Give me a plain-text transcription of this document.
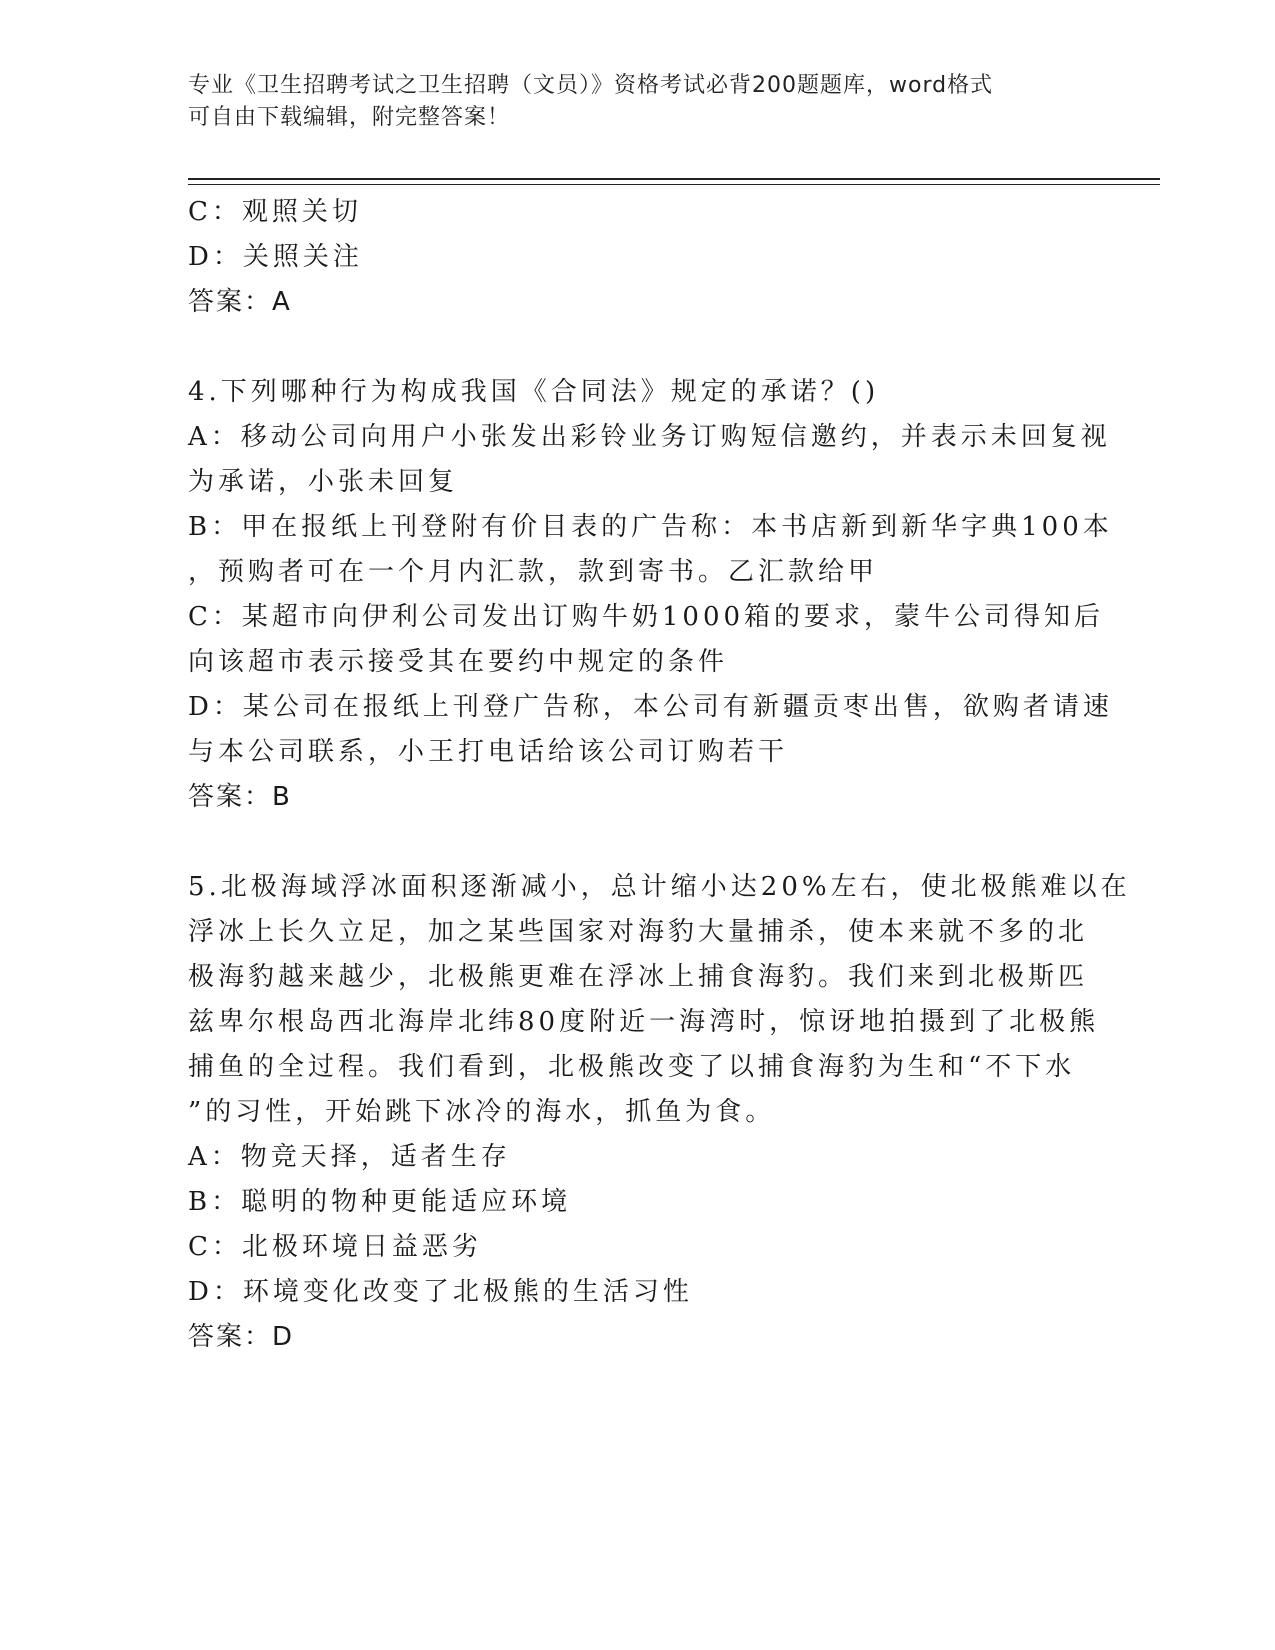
专业《卫生招聘考试之卫生招聘（文员）》资格考试必背200题题库，word格式
可自由下载编辑，附完整答案！
C：观照关切
D：关照关注
答案：A
4.下列哪种行为构成我国《合同法》规定的承诺？()
A：移动公司向用户小张发出彩铃业务订购短信邀约，并表示未回复视
为承诺，小张未回复
B：甲在报纸上刊登附有价目表的广告称：本书店新到新华字典100本
，预购者可在一个月内汇款，款到寄书。乙汇款给甲
C：某超市向伊利公司发出订购牛奶1000箱的要求，蒙牛公司得知后
向该超市表示接受其在要约中规定的条件
D：某公司在报纸上刊登广告称，本公司有新疆贡枣出售，欲购者请速
与本公司联系，小王打电话给该公司订购若干
答案：B
5.北极海域浮冰面积逐渐减小，总计缩小达20%左右，使北极熊难以在
浮冰上长久立足，加之某些国家对海豹大量捕杀，使本来就不多的北
极海豹越来越少，北极熊更难在浮冰上捕食海豹。我们来到北极斯匹
兹卑尔根岛西北海岸北纬80度附近一海湾时，惊讶地拍摄到了北极熊
捕鱼的全过程。我们看到，北极熊改变了以捕食海豹为生和“不下水
”的习性，开始跳下冰冷的海水，抓鱼为食。
A：物竞天择，适者生存
B：聪明的物种更能适应环境
C：北极环境日益恶劣
D：环境变化改变了北极熊的生活习性
答案：D
